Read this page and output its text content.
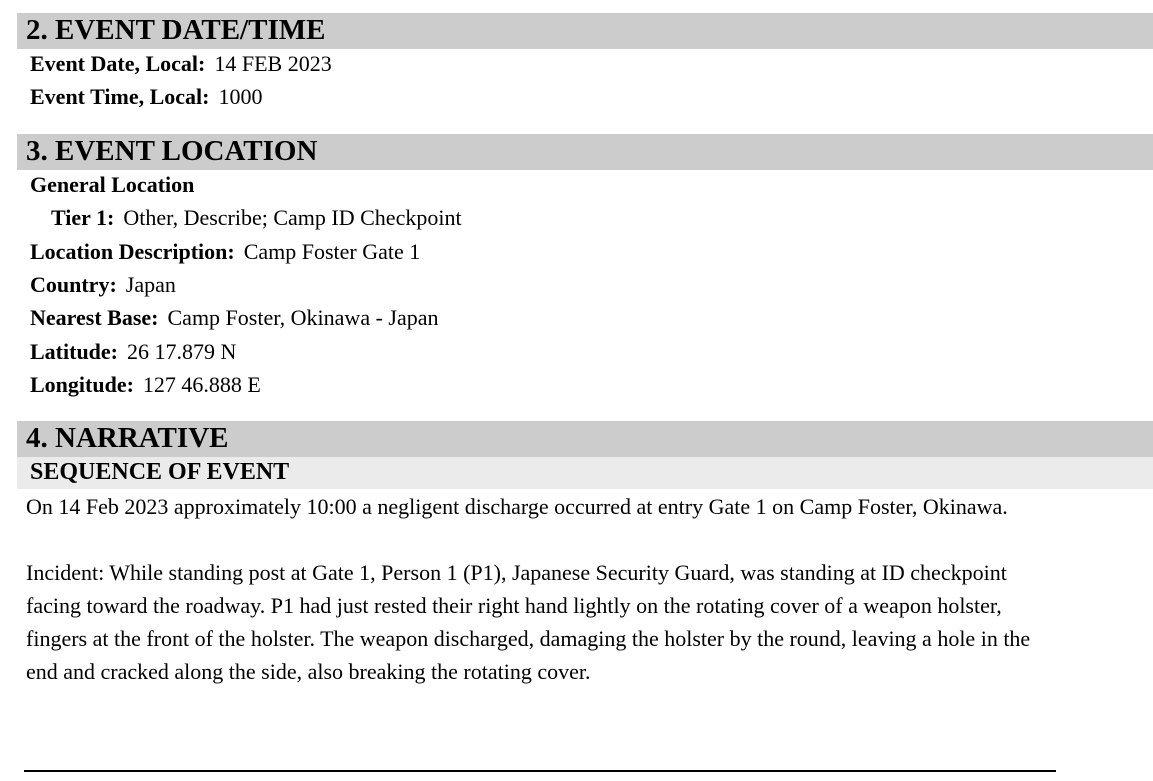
2. EVENT DATE/TIME
Event Date, Local: 14 FEB 2023
Event Time, Local: 1000
3. EVENT LOCATION
General Location
Tier 1: Other, Describe; Camp ID Checkpoint
Location Description: Camp Foster Gate 1
Country: Japan
Nearest Base: Camp Foster, Okinawa - Japan
Latitude: 26 17.879 N
Longitude: 127 46.888 E
4. NARRATIVE
SEQUENCE OF EVENT

On 14 Feb 2023 approximately 10:00 a negligent discharge occurred at entry Gate 1 on Camp Foster, Okinawa.

Incident: While standing post at Gate 1, Person 1 (P1), Japanese Security Guard, was standing at ID checkpoint facing toward the roadway. P1 had just rested their right hand lightly on the rotating cover of a weapon holster, fingers at the front of the holster. The weapon discharged, damaging the holster by the round, leaving a hole in the end and cracked along the side, also breaking the rotating cover.
